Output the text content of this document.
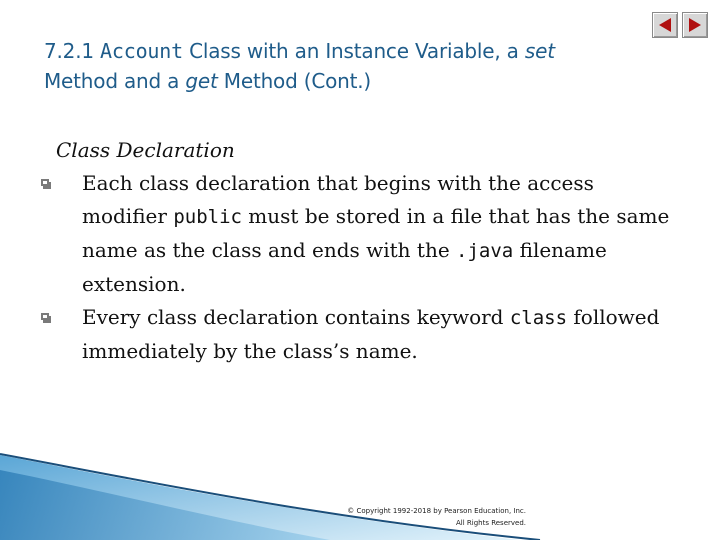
7.2.1 Account Class with an Instance Variable, a set
Method and a get Method (Cont.)
Class Declaration
Each class declaration that begins with the access modifier public must be stored in a file that has the same name as the class and ends with the .java filename extension.
Every class declaration contains keyword class followed immediately by the class’s name.
© Copyright 1992-2018 by Pearson Education, Inc.
All Rights Reserved.
